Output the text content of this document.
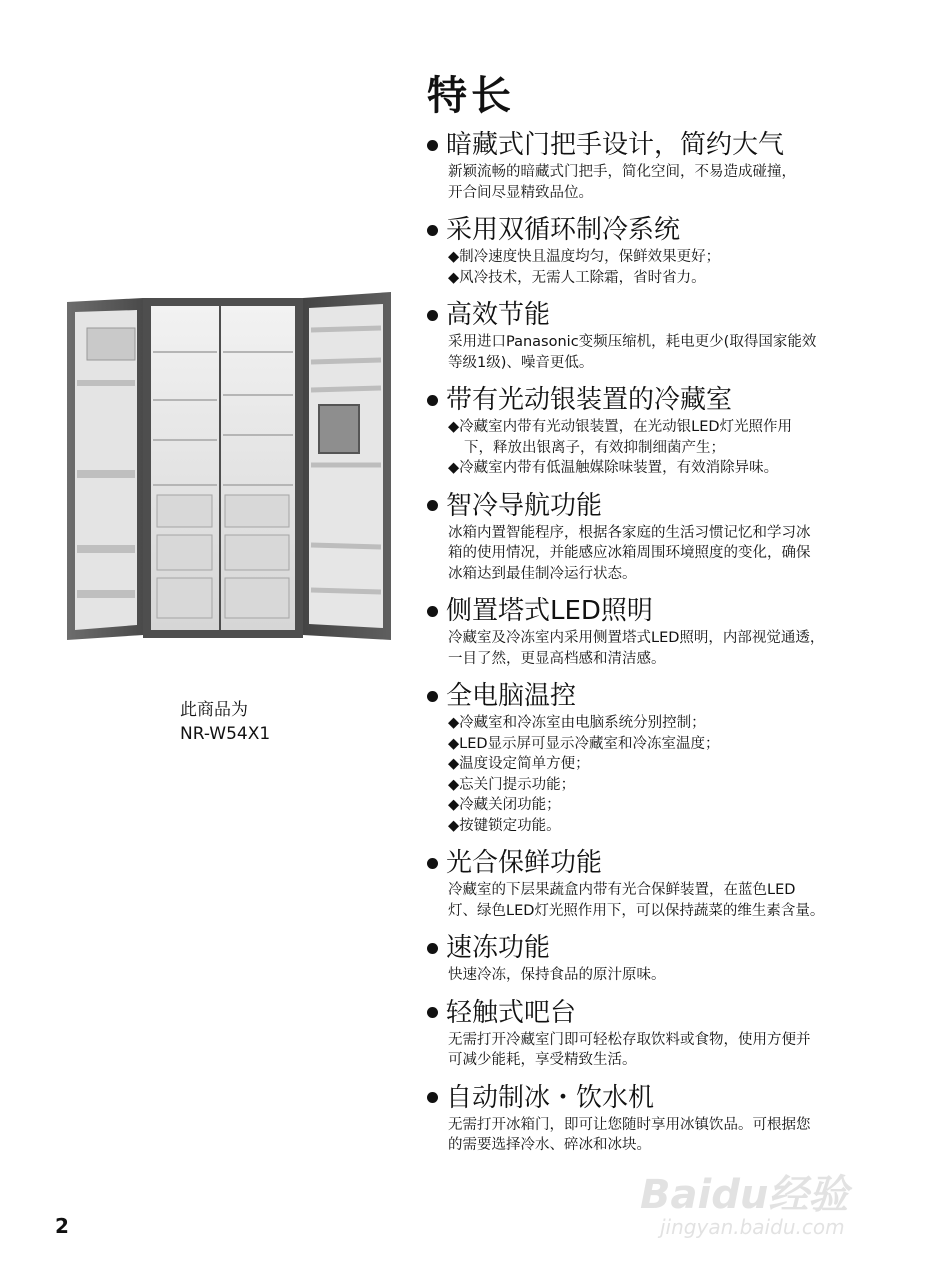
特长
此商品为
NR-W54X1
暗藏式门把手设计，简约大气
新颖流畅的暗藏式门把手，简化空间，不易造成碰撞，
开合间尽显精致品位。
采用双循环制冷系统
◆制冷速度快且温度均匀，保鲜效果更好；
◆风冷技术，无需人工除霜，省时省力。
高效节能
采用进口Panasonic变频压缩机，耗电更少(取得国家能效
等级1级)、噪音更低。
带有光动银装置的冷藏室
◆冷藏室内带有光动银装置，在光动银LED灯光照作用
下，释放出银离子，有效抑制细菌产生；
◆冷藏室内带有低温触媒除味装置，有效消除异味。
智冷导航功能
冰箱内置智能程序，根据各家庭的生活习惯记忆和学习冰
箱的使用情况，并能感应冰箱周围环境照度的变化，确保
冰箱达到最佳制冷运行状态。
侧置塔式LED照明
冷藏室及冷冻室内采用侧置塔式LED照明，内部视觉通透，
一目了然，更显高档感和清洁感。
全电脑温控
◆冷藏室和冷冻室由电脑系统分别控制；
◆LED显示屏可显示冷藏室和冷冻室温度；
◆温度设定简单方便；
◆忘关门提示功能；
◆冷藏关闭功能；
◆按键锁定功能。
光合保鲜功能
冷藏室的下层果蔬盒内带有光合保鲜装置，在蓝色LED
灯、绿色LED灯光照作用下，可以保持蔬菜的维生素含量。
速冻功能
快速冷冻，保持食品的原汁原味。
轻触式吧台
无需打开冷藏室门即可轻松存取饮料或食物，使用方便并
可减少能耗，享受精致生活。
自动制冰・饮水机
无需打开冰箱门，即可让您随时享用冰镇饮品。可根据您
的需要选择冷水、碎冰和冰块。
2
Baidu经验
jingyan.baidu.com
